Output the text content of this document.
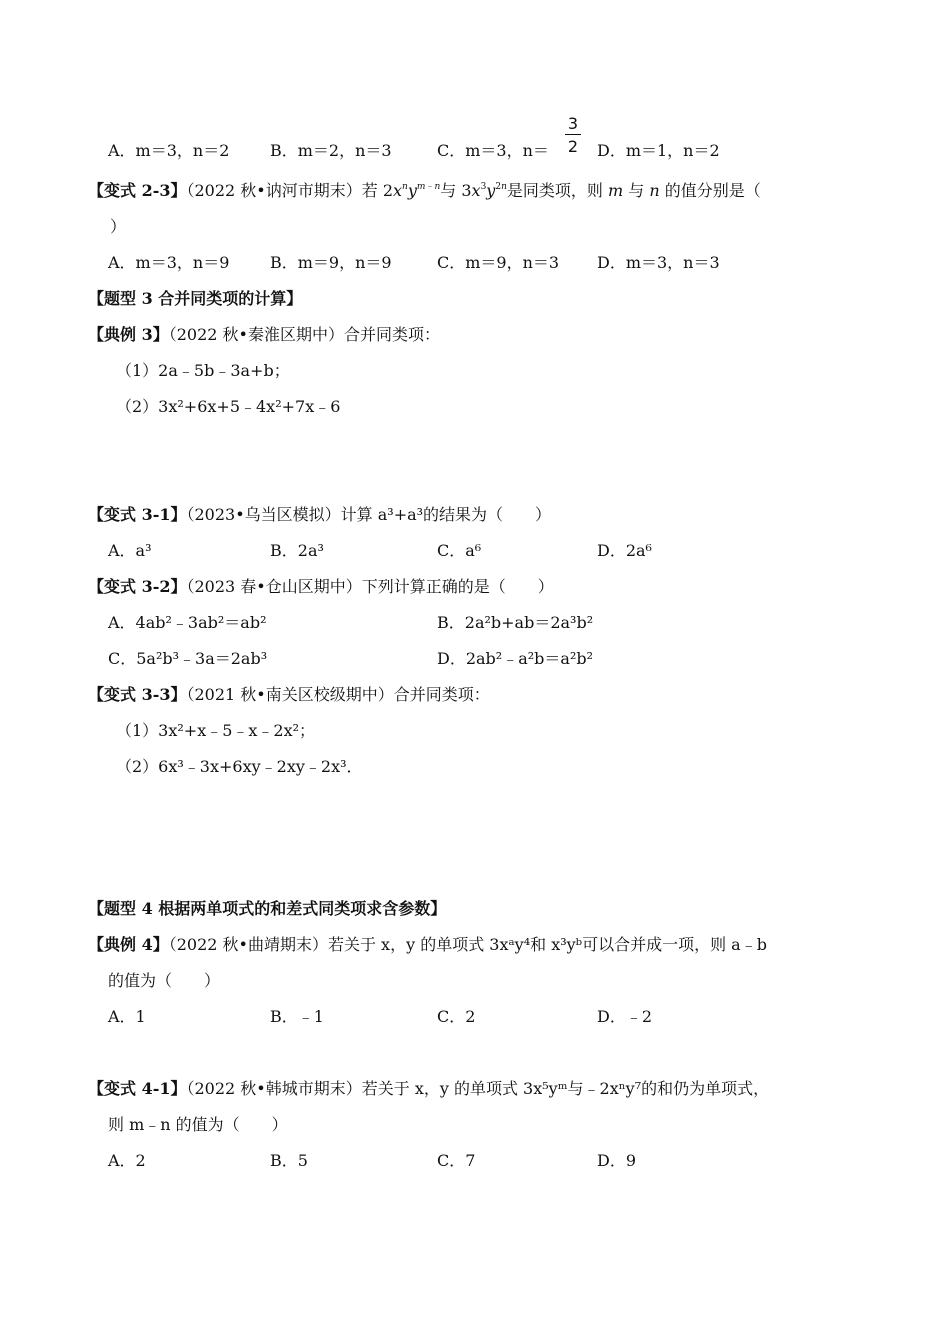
A．m＝3，n＝2	B．m＝2，n＝3	C．m＝3，n＝	D．m＝1，n＝2
3
2
【变式 2-3】（2022 秋•讷河市期末）若 $2x^ny^{m﹣n}$与 $3x^3y^{2n}$是同类项，则 m 与 n 的值分别是（
）
A．m＝3，n＝9	B．m＝9，n＝9	C．m＝9，n＝3 D．m＝3，n＝3
【题型 3 合并同类项的计算】
【典例 3】（2022 秋•秦淮区期中）合并同类项：
（1）2a﹣5b﹣3a+b；
（2）3x²+6x+5﹣4x²+7x﹣6
【变式 3-1】（2023•乌当区模拟）计算 a³+a³的结果为（　　）
A．a³	B．2a³	C．a⁶	D．2a⁶
【变式 3-2】（2023 春•仓山区期中）下列计算正确的是（　　）
A．4ab²﹣3ab²＝ab²	B．2a²b+ab＝2a³b²
C．5a²b³﹣3a＝2ab³	D．2ab²﹣a²b＝a²b²
【变式 3-3】（2021 秋•南关区校级期中）合并同类项：
（1）3x²+x﹣5﹣x﹣2x²；
（2）6x³﹣3x+6xy﹣2xy﹣2x³．
【题型 4 根据两单项式的和差式同类项求含参数】
【典例 4】（2022 秋•曲靖期末）若关于 x，y 的单项式 3xᵃy⁴和 x³yᵇ可以合并成一项，则 a﹣b
的值为（　　）
A．1	B．﹣1	C．2	D．﹣2
【变式 4-1】（2022 秋•韩城市期末）若关于 x，y 的单项式 3x⁵yᵐ与﹣2xⁿy⁷的和仍为单项式，
则 m﹣n 的值为（　　）
A．2	B．5	C．7	D．9
